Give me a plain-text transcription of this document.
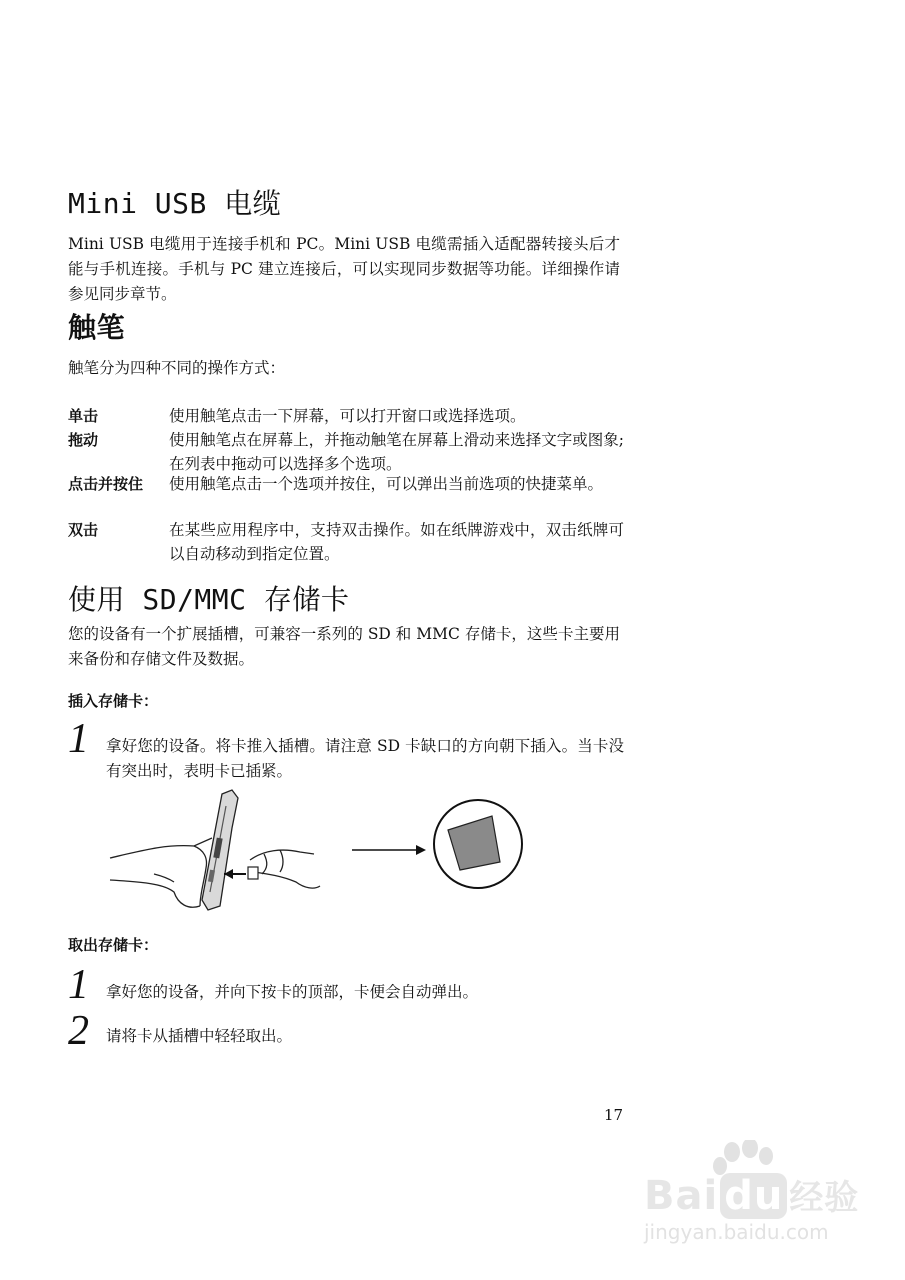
Mini USB 电缆

Mini USB 电缆用于连接手机和 PC。Mini USB 电缆需插入适配器转接头后才能与手机连接。手机与 PC 建立连接后，可以实现同步数据等功能。详细操作请参见同步章节。

触笔

触笔分为四种不同的操作方式：

单击	使用触笔点击一下屏幕，可以打开窗口或选择选项。
拖动	使用触笔点在屏幕上，并拖动触笔在屏幕上滑动来选择文字或图象; 在列表中拖动可以选择多个选项。
点击并按住 使用触笔点击一个选项并按住，可以弹出当前选项的快捷菜单。
双击	在某些应用程序中，支持双击操作。如在纸牌游戏中，双击纸牌可以自动移动到指定位置。
使用 SD/MMC 存储卡

您的设备有一个扩展插槽，可兼容一系列的 SD 和 MMC 存储卡，这些卡主要用来备份和存储文件及数据。

插入存储卡：
1 拿好您的设备。将卡推入插槽。请注意 SD 卡缺口的方向朝下插入。当卡没有突出时，表明卡已插紧。
取出存储卡：
1 拿好您的设备，并向下按卡的顶部，卡便会自动弹出。
2 请将卡从插槽中轻轻取出。
17
Bai du 经验
jingyan.baidu.com
